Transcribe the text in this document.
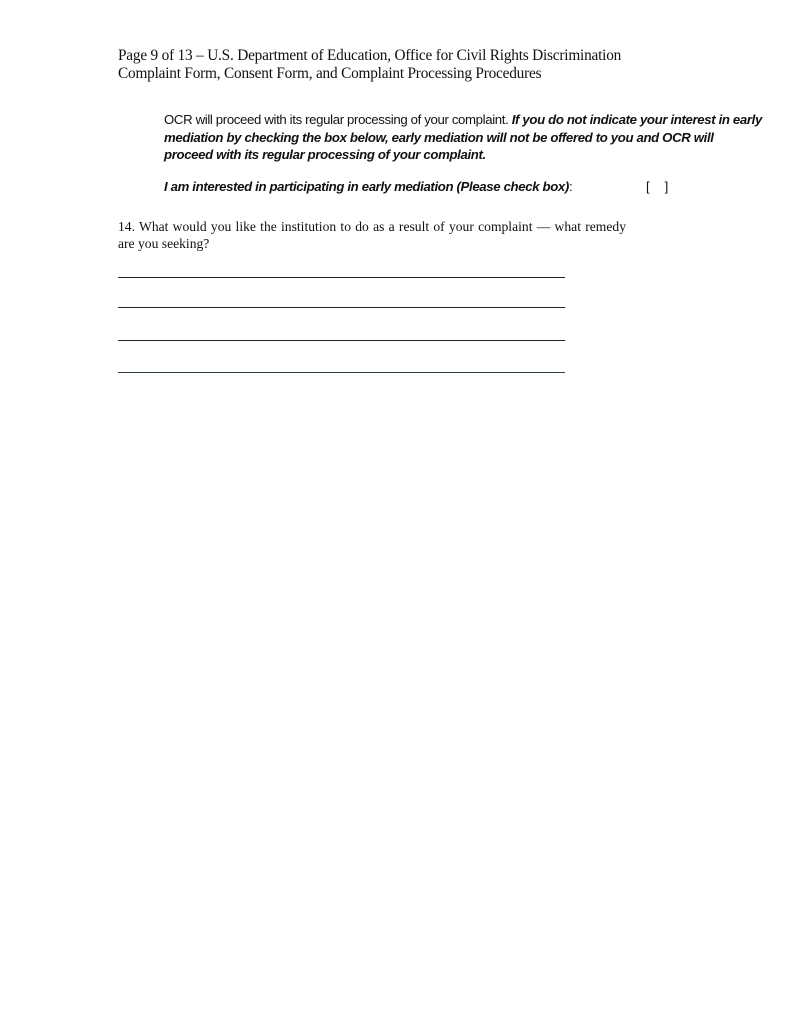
Page 9 of 13 – U.S. Department of Education, Office for Civil Rights Discrimination
Complaint Form, Consent Form, and Complaint Processing Procedures
OCR will proceed with its regular processing of your complaint. If you do not indicate your interest in early mediation by checking the box below, early mediation will not be offered to you and OCR will proceed with its regular processing of your complaint.
I am interested in participating in early mediation (Please check box):	[ ]
14. What would you like the institution to do as a result of your complaint — what remedy are you seeking?
